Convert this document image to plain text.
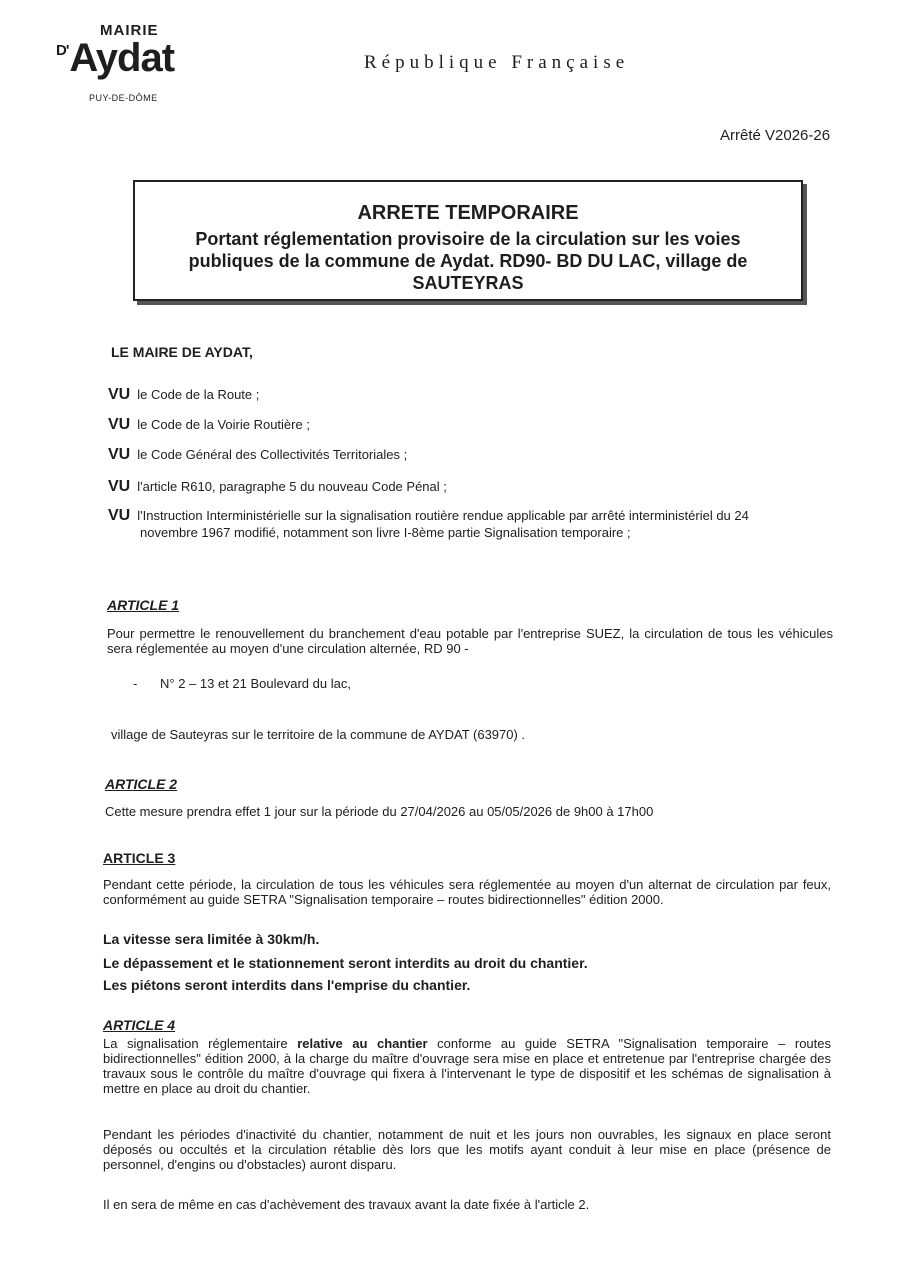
MAIRIE
$^{D'}$Aydat
PUY-DE-DÔME
République Française
Arrêté V2026-26
ARRETE TEMPORAIRE
Portant réglementation provisoire de la circulation sur les voies publiques de la commune de Aydat. RD90- BD DU LAC, village de SAUTEYRAS
LE MAIRE DE AYDAT,
VU le Code de la Route ;
VU le Code de la Voirie Routière ;
VU le Code Général des Collectivités Territoriales ;
VU l'article R610, paragraphe 5 du nouveau Code Pénal ;
VU l'Instruction Interministérielle sur la signalisation routière rendue applicable par arrêté interministériel du 24
novembre 1967 modifié, notamment son livre I-8ème partie Signalisation temporaire ;
ARTICLE 1
Pour permettre le renouvellement du branchement d'eau potable par l'entreprise SUEZ, la circulation de tous les véhicules sera réglementée au moyen d'une circulation alternée, RD 90 -
- N° 2 – 13 et 21 Boulevard du lac,
village de Sauteyras sur le territoire de la commune de AYDAT (63970) .
ARTICLE 2
Cette mesure prendra effet 1 jour sur la période du 27/04/2026 au 05/05/2026 de 9h00 à 17h00
ARTICLE 3
Pendant cette période, la circulation de tous les véhicules sera réglementée au moyen d'un alternat de circulation par feux, conformément au guide SETRA "Signalisation temporaire – routes bidirectionnelles" édition 2000.
La vitesse sera limitée à 30km/h.
Le dépassement et le stationnement seront interdits au droit du chantier.
Les piétons seront interdits dans l'emprise du chantier.
ARTICLE 4
La signalisation réglementaire relative au chantier conforme au guide SETRA "Signalisation temporaire – routes bidirectionnelles" édition 2000, à la charge du maître d'ouvrage sera mise en place et entretenue par l'entreprise chargée des travaux sous le contrôle du maître d'ouvrage qui fixera à l'intervenant le type de dispositif et les schémas de signalisation à mettre en place au droit du chantier.
Pendant les périodes d'inactivité du chantier, notamment de nuit et les jours non ouvrables, les signaux en place seront déposés ou occultés et la circulation rétablie dès lors que les motifs ayant conduit à leur mise en place (présence de personnel, d'engins ou d'obstacles) auront disparu.
Il en sera de même en cas d'achèvement des travaux avant la date fixée à l'article 2.
